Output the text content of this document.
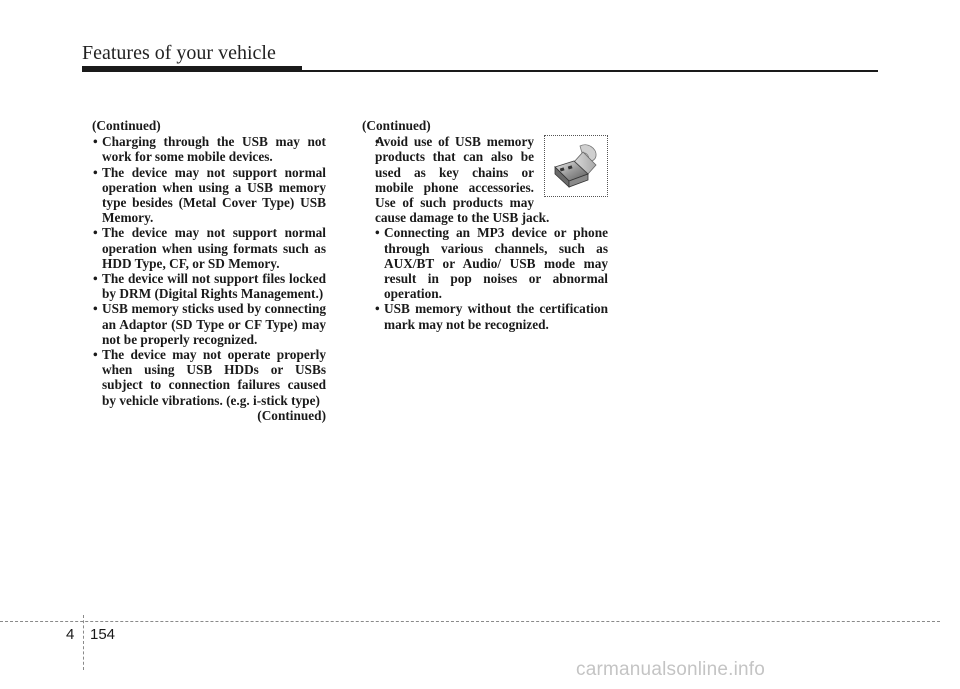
Features of your vehicle
(Continued)
• Charging through the USB may not work for some mobile devices.
• The device may not support normal operation when using a USB memory type besides (Metal Cover Type) USB Memory.
• The device may not support normal operation when using formats such as HDD Type, CF, or SD Memory.
• The device will not support files locked by DRM (Digital Rights Management.)
• USB memory sticks used by connecting an Adaptor (SD Type or CF Type) may not be properly recognized.
• The device may not operate properly when using USB HDDs or USBs subject to connection failures caused by vehicle vibrations. (e.g. i-stick type)
(Continued)
(Continued)
• Avoid use of USB memory products that can also be used as key chains or mobile phone accessories. Use of such products may cause damage to the USB jack.
• Connecting an MP3 device or phone through various channels, such as AUX/BT or Audio/ USB mode may result in pop noises or abnormal operation.
• USB memory without the certification mark may not be recognized.
4 154
carmanualsonline.info
